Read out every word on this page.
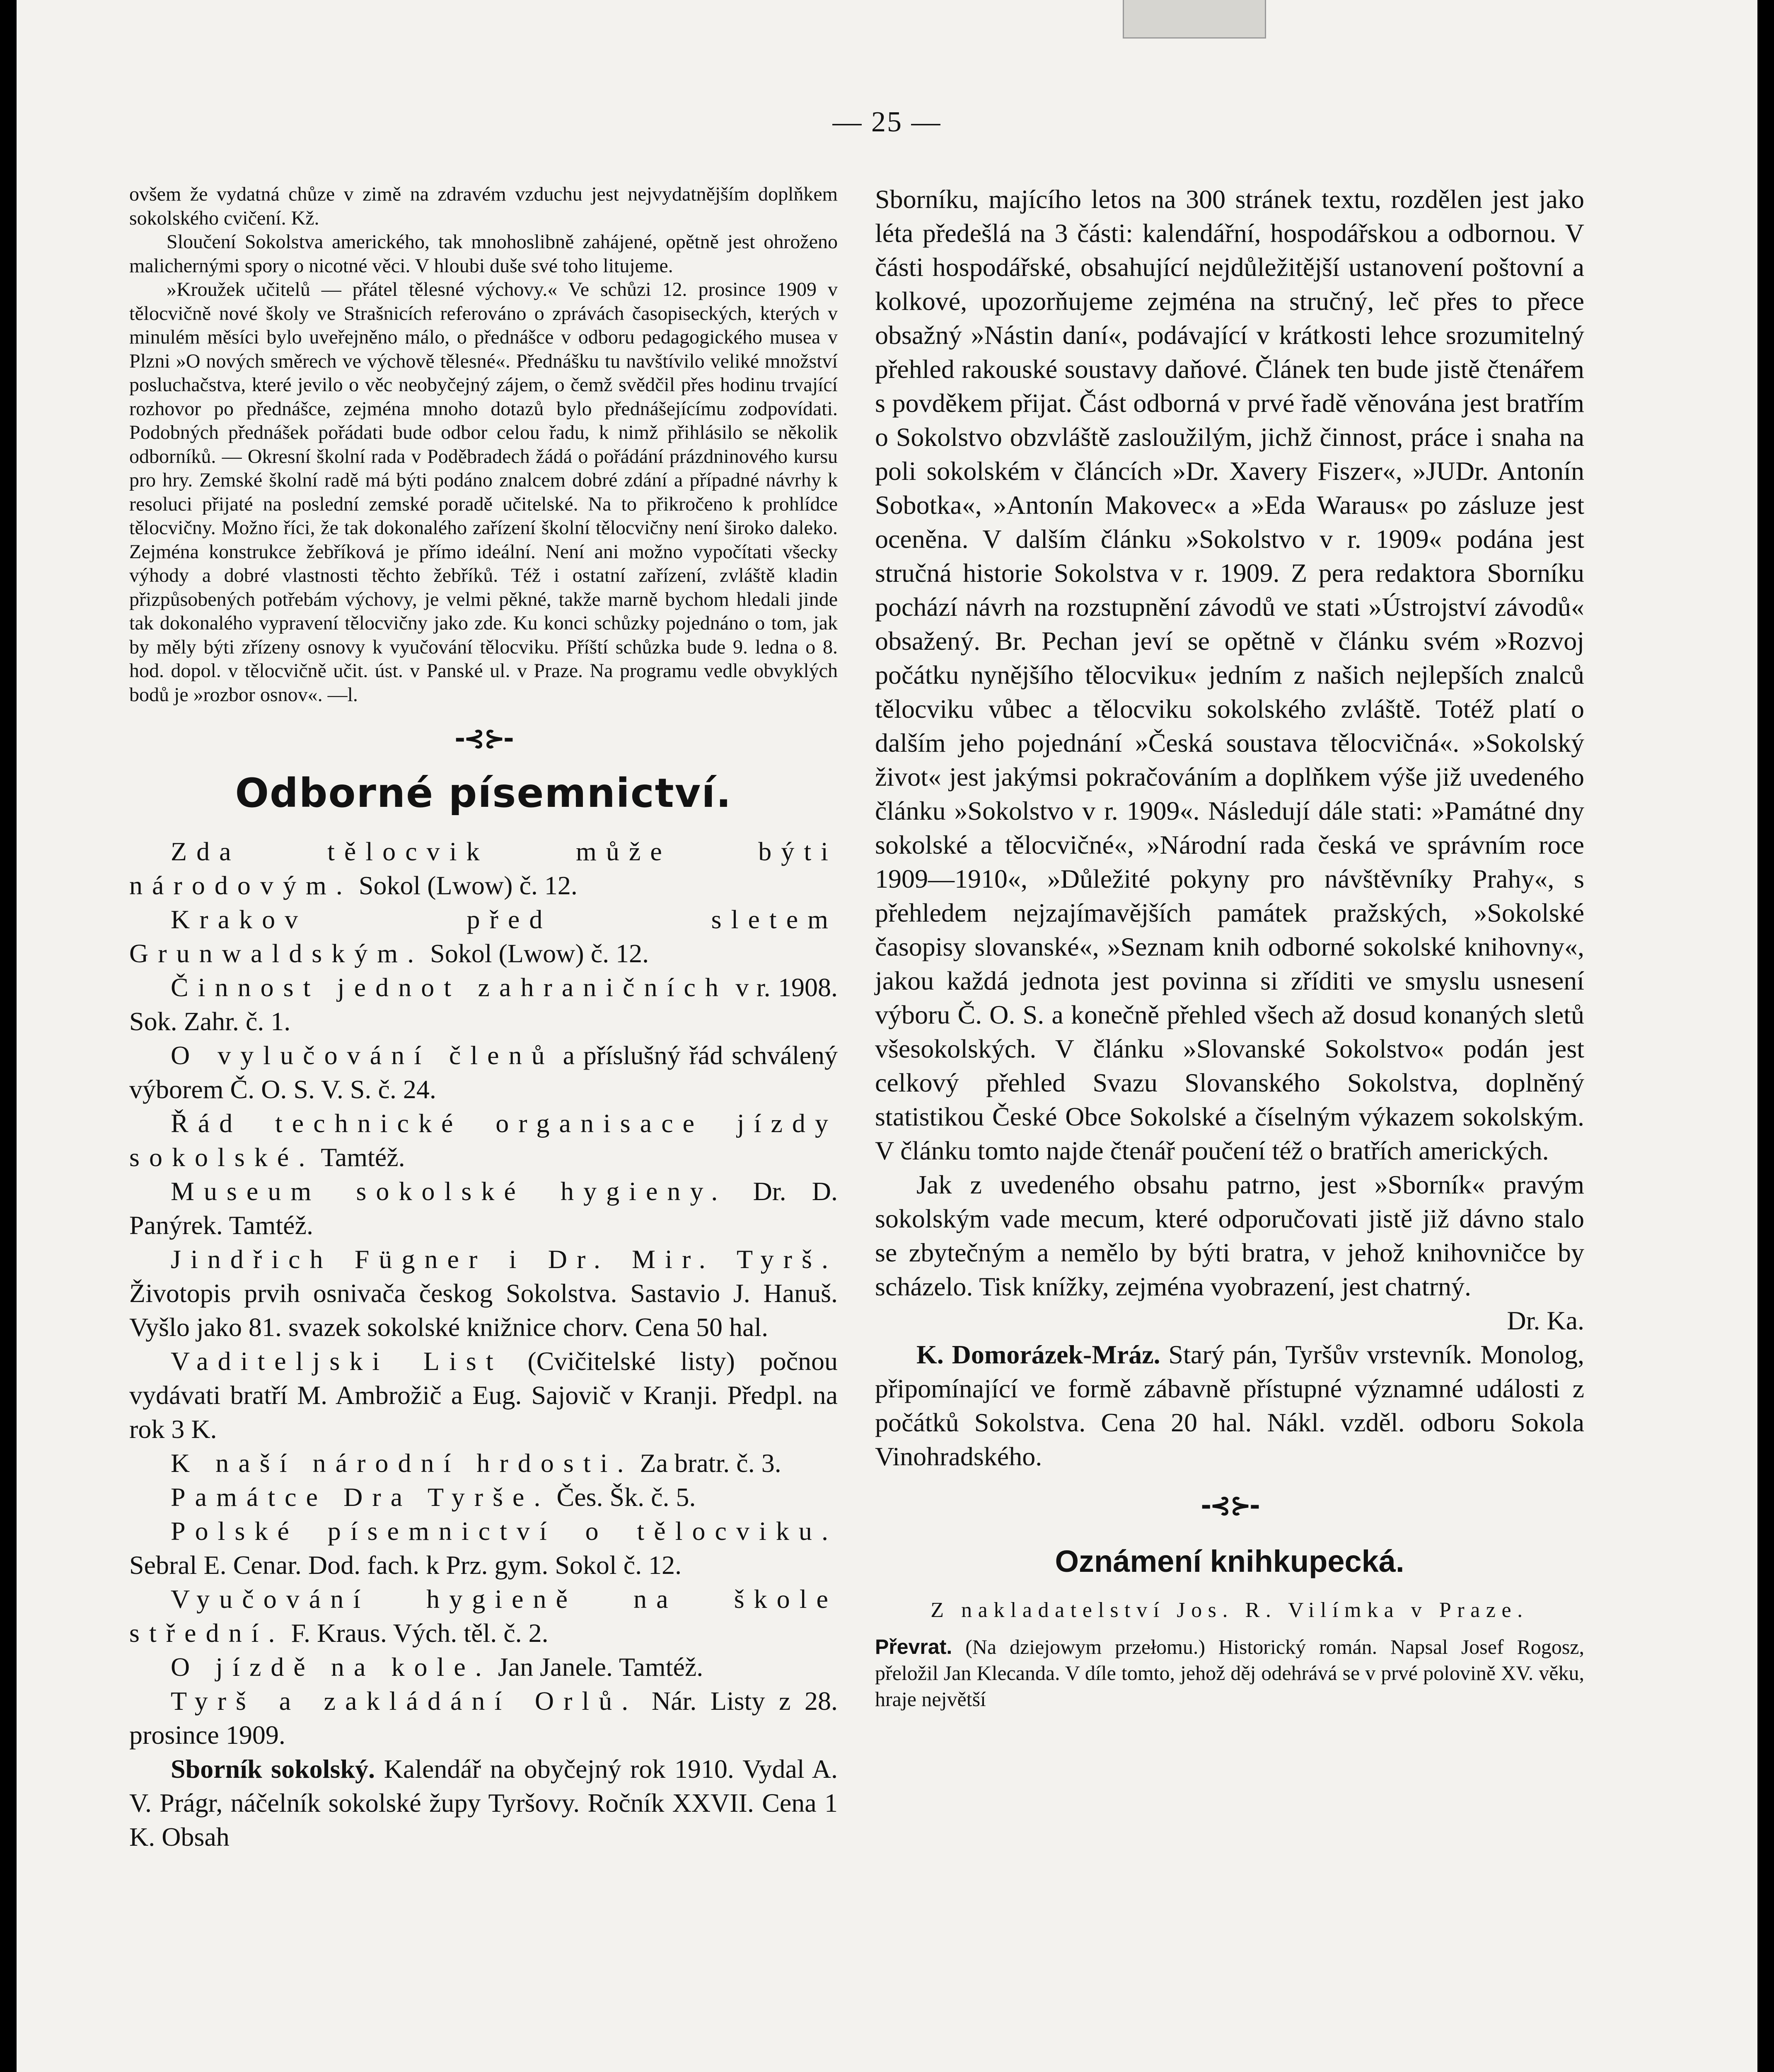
— 25 —

ovšem že vydatná chůze v zimě na zdravém vzduchu jest nejvydatnějším doplňkem sokolského cvičení. Kž.

Sloučení Sokolstva amerického, tak mnohoslibně zahájené, opětně jest ohroženo malichernými spory o nicotné věci. V hloubi duše své toho litujeme.

»Kroužek učitelů — přátel tělesné výchovy.« Ve schůzi 12. prosince 1909 v tělocvičně nové školy ve Strašnicích referováno o zprávách časopiseckých, kterých v minulém měsíci bylo uveřejněno málo, o přednášce v odboru pedagogického musea v Plzni »O nových směrech ve výchově tělesné«. Přednášku tu navštívilo veliké množství posluchačstva, které jevilo o věc neobyčejný zájem, o čemž svědčil přes hodinu trvající rozhovor po přednášce, zejména mnoho dotazů bylo přednášejícímu zodpovídati. Podobných přednášek pořádati bude odbor celou řadu, k nimž přihlásilo se několik odborníků. — Okresní školní rada v Poděbradech žádá o pořádání prázdninového kursu pro hry. Zemské školní radě má býti podáno znalcem dobré zdání a případné návrhy k resoluci přijaté na poslední zemské poradě učitelské. Na to přikročeno k prohlídce tělocvičny. Možno říci, že tak dokonalého zařízení školní tělocvičny není široko daleko. Zejména konstrukce žebříková je přímo ideální. Není ani možno vypočítati všecky výhody a dobré vlastnosti těchto žebříků. Též i ostatní zařízení, zvláště kladin přizpůsobených potřebám výchovy, je velmi pěkné, takže marně bychom hledali jinde tak dokonalého vypravení tělocvičny jako zde. Ku konci schůzky pojednáno o tom, jak by měly býti zřízeny osnovy k vyučování tělocviku. Příští schůzka bude 9. ledna o 8. hod. dopol. v tělocvičně učit. úst. v Panské ul. v Praze. Na programu vedle obvyklých bodů je »rozbor osnov«. —l.

-⊰⊱-
Odborné písemnictví.

Zda tělocvik může býti národovým. Sokol (Lwow) č. 12.

Krakov před sletem Grunwaldským. Sokol (Lwow) č. 12.

Činnost jednot zahraničních v r. 1908. Sok. Zahr. č. 1.

O vylučování členů a příslušný řád schválený výborem Č. O. S. V. S. č. 24.

Řád technické organisace jízdy sokolské. Tamtéž.

Museum sokolské hygieny. Dr. D. Panýrek. Tamtéž.

Jindřich Fügner i Dr. Mir. Tyrš. Životopis prvih osnivača českog Sokolstva. Sastavio J. Hanuš. Vyšlo jako 81. svazek sokolské knižnice chorv. Cena 50 hal.

Vaditeljski List (Cvičitelské listy) počnou vydávati bratří M. Ambrožič a Eug. Sajovič v Kranji. Předpl. na rok 3 K.

K naší národní hrdosti. Za bratr. č. 3.

Památce Dra Tyrše. Čes. Šk. č. 5.

Polské písemnictví o tělocviku. Sebral E. Cenar. Dod. fach. k Prz. gym. Sokol č. 12.

Vyučování hygieně na škole střední. F. Kraus. Vých. těl. č. 2.

O jízdě na kole. Jan Janele. Tamtéž.

Tyrš a zakládání Orlů. Nár. Listy z 28. prosince 1909.

Sborník sokolský. Kalendář na obyčejný rok 1910. Vydal A. V. Prágr, náčelník sokolské župy Tyršovy. Ročník XXVII. Cena 1 K. Obsah

Sborníku, majícího letos na 300 stránek textu, rozdělen jest jako léta předešlá na 3 části: kalendářní, hospodářskou a odbornou. V části hospodářské, obsahující nejdůležitější ustanovení poštovní a kolkové, upozorňujeme zejména na stručný, leč přes to přece obsažný »Nástin daní«, podávající v krátkosti lehce srozumitelný přehled rakouské soustavy daňové. Článek ten bude jistě čtenářem s povděkem přijat. Část odborná v prvé řadě věnována jest bratřím o Sokolstvo obzvláště zasloužilým, jichž činnost, práce i snaha na poli sokolském v článcích »Dr. Xavery Fiszer«, »JUDr. Antonín Sobotka«, »Antonín Makovec« a »Eda Waraus« po zásluze jest oceněna. V dalším článku »Sokolstvo v r. 1909« podána jest stručná historie Sokolstva v r. 1909. Z pera redaktora Sborníku pochází návrh na rozstupnění závodů ve stati »Ústrojství závodů« obsažený. Br. Pechan jeví se opětně v článku svém »Rozvoj počátku nynějšího tělocviku« jedním z našich nejlepších znalců tělocviku vůbec a tělocviku sokolského zvláště. Totéž platí o dalším jeho pojednání »Česká soustava tělocvičná«. »Sokolský život« jest jakýmsi pokračováním a doplňkem výše již uvedeného článku »Sokolstvo v r. 1909«. Následují dále stati: »Památné dny sokolské a tělocvičné«, »Národní rada česká ve správním roce 1909—1910«, »Důležité pokyny pro návštěvníky Prahy«, s přehledem nejzajímavějších památek pražských, »Sokolské časopisy slovanské«, »Seznam knih odborné sokolské knihovny«, jakou každá jednota jest povinna si zříditi ve smyslu usnesení výboru Č. O. S. a konečně přehled všech až dosud konaných sletů všesokolských. V článku »Slovanské Sokolstvo« podán jest celkový přehled Svazu Slovanského Sokolstva, doplněný statistikou České Obce Sokolské a číselným výkazem sokolským. V článku tomto najde čtenář poučení též o bratřích amerických.

Jak z uvedeného obsahu patrno, jest »Sborník« pravým sokolským vade mecum, které odporučovati jistě již dávno stalo se zbytečným a nemělo by býti bratra, v jehož knihovničce by scházelo. Tisk knížky, zejména vyobrazení, jest chatrný.

Dr. Ka.

K. Domorázek-Mráz. Starý pán, Tyršův vrstevník. Monolog, připomínající ve formě zábavně přístupné významné události z počátků Sokolstva. Cena 20 hal. Nákl. vzděl. odboru Sokola Vinohradského.

-⊰⊱-
Oznámení knihkupecká.
Z nakladatelství Jos. R. Vilímka v Praze.

Převrat. (Na dziejowym przełomu.) Historický román. Napsal Josef Rogosz, přeložil Jan Klecanda. V díle tomto, jehož děj odehrává se v prvé polovině XV. věku, hraje největší
